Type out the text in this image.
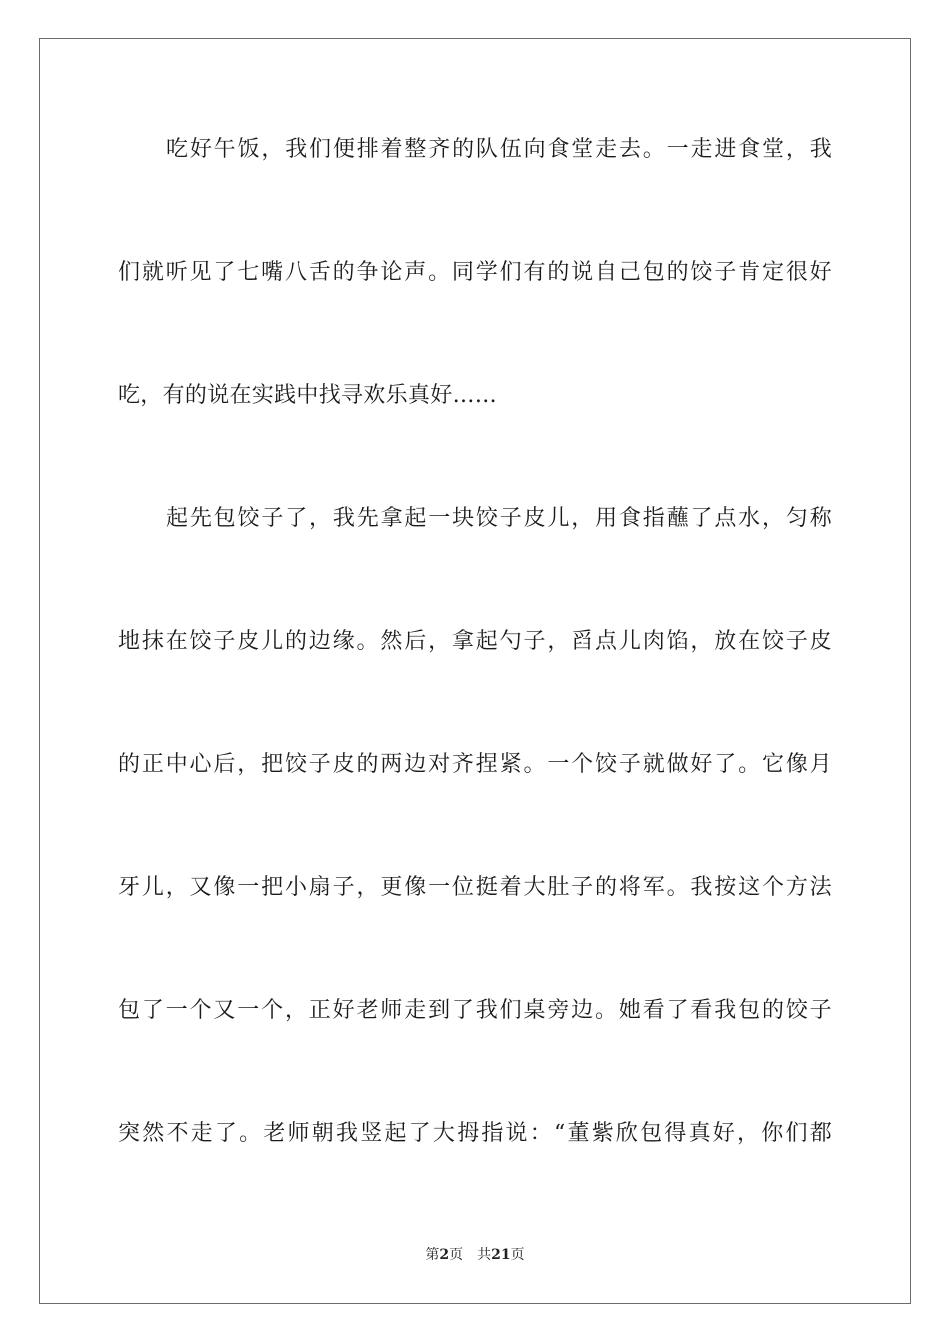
吃好午饭，我们便排着整齐的队伍向食堂走去。一走进食堂，我
们就听见了七嘴八舌的争论声。同学们有的说自己包的饺子肯定很好
吃，有的说在实践中找寻欢乐真好……
起先包饺子了，我先拿起一块饺子皮儿，用食指蘸了点水，匀称
地抹在饺子皮儿的边缘。然后，拿起勺子，舀点儿肉馅，放在饺子皮
的正中心后，把饺子皮的两边对齐捏紧。一个饺子就做好了。它像月
牙儿，又像一把小扇子，更像一位挺着大肚子的将军。我按这个方法
包了一个又一个，正好老师走到了我们桌旁边。她看了看我包的饺子
突然不走了。老师朝我竖起了大拇指说：“董紫欣包得真好，你们都
第2页 共21页
